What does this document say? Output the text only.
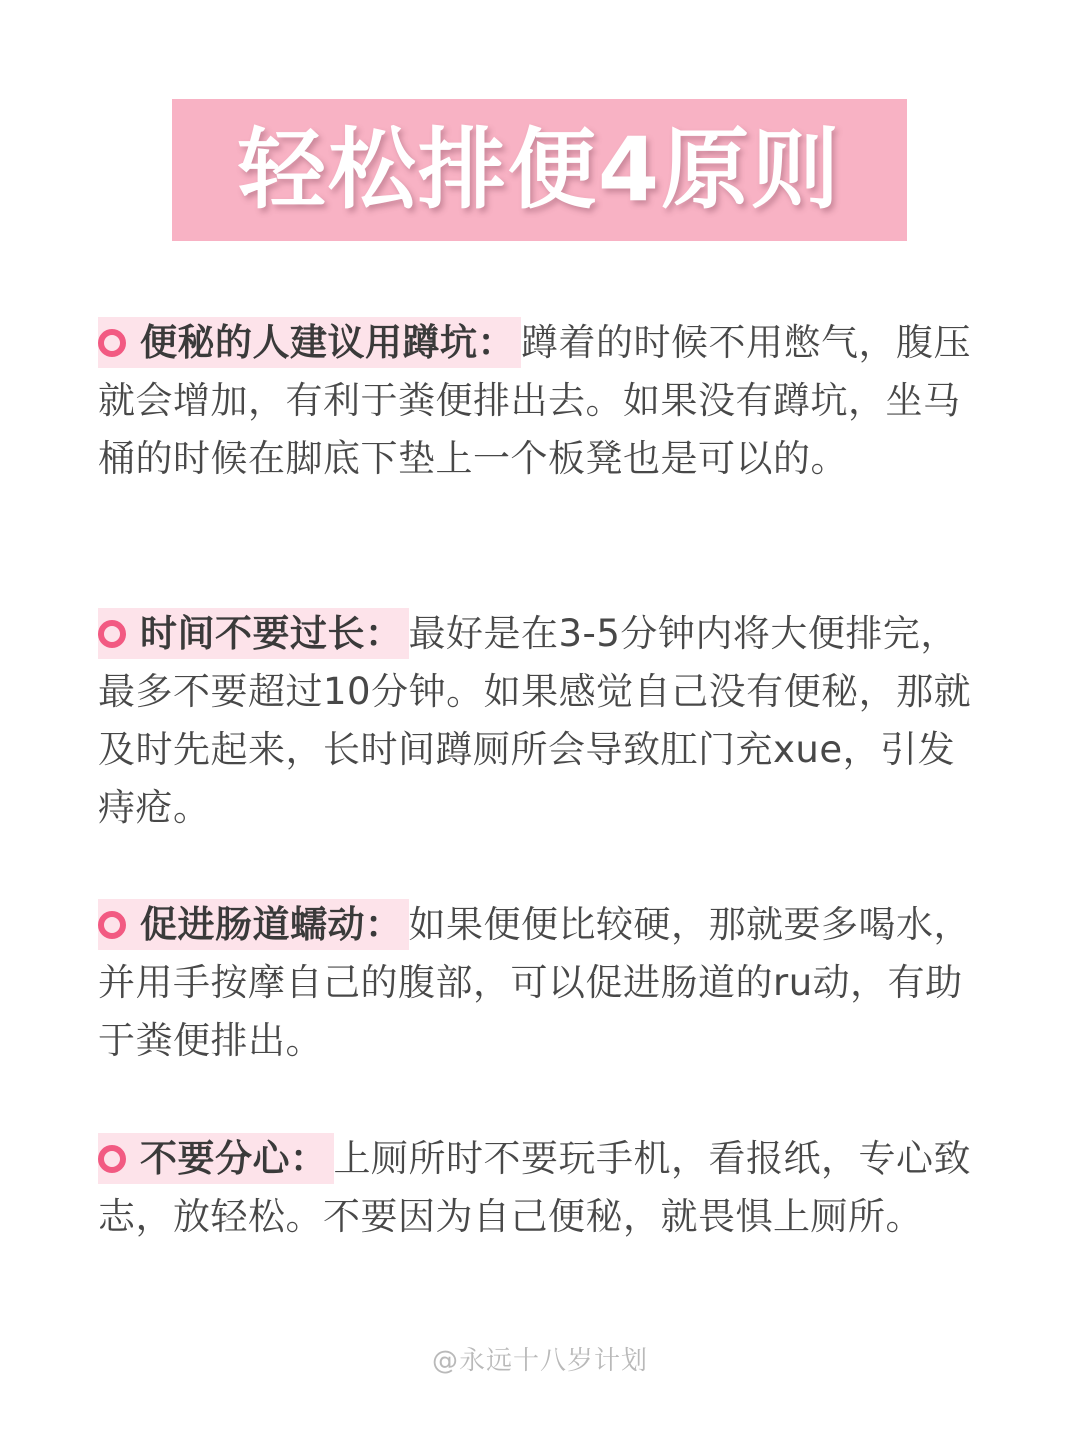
轻松排便4原则
便秘的人建议用蹲坑： 蹲着的时候不用憋气，腹压就会增加，有利于粪便排出去。如果没有蹲坑，坐马桶的时候在脚底下垫上一个板凳也是可以的。
时间不要过长： 最好是在3-5分钟内将大便排完，最多不要超过10分钟。如果感觉自己没有便秘，那就及时先起来，长时间蹲厕所会导致肛门充xue，引发痔疮。
促进肠道蠕动： 如果便便比较硬，那就要多喝水，并用手按摩自己的腹部，可以促进肠道的ru动，有助于粪便排出。
不要分心： 上厕所时不要玩手机，看报纸，专心致志，放轻松。不要因为自己便秘，就畏惧上厕所。
@永远十八岁计划
